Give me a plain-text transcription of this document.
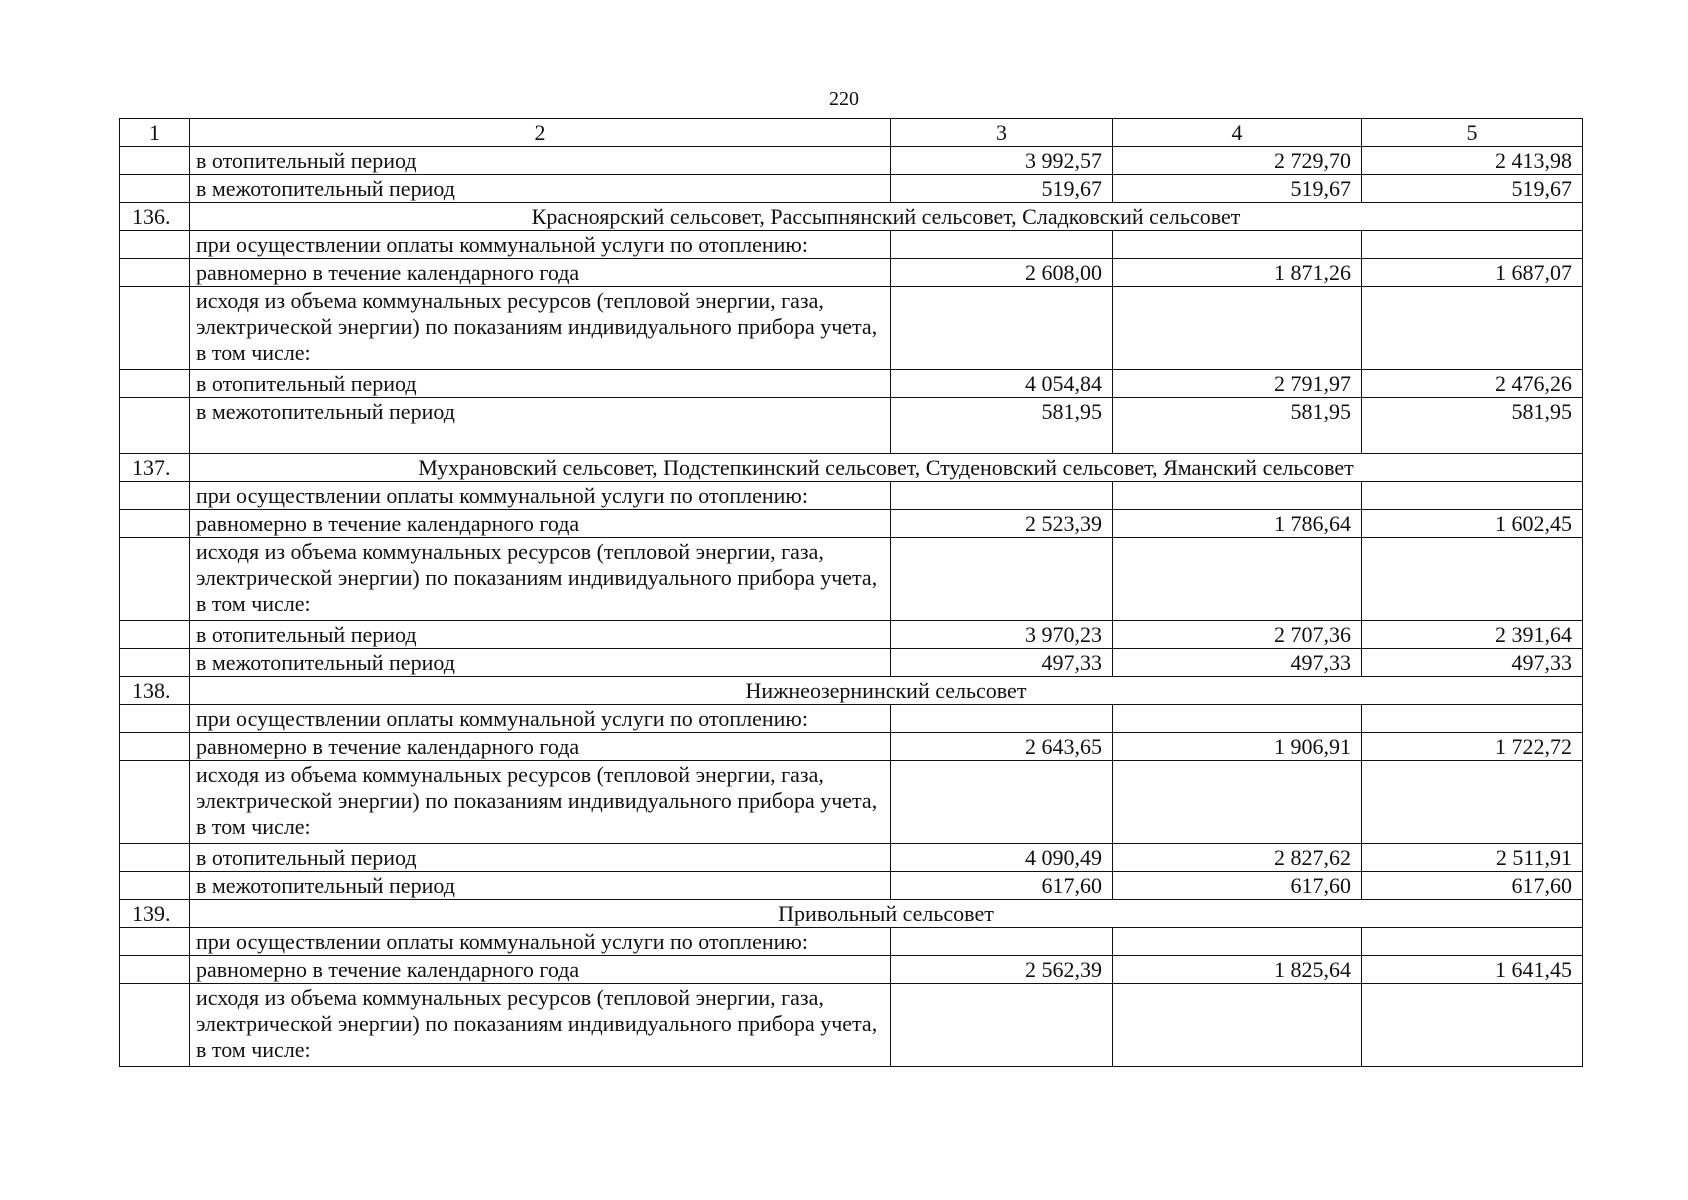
220
1	2	3	4	5
	в отопительный период	3 992,57	2 729,70	2 413,98
	в межотопительный период	519,67	519,67	519,67
136.	Красноярский сельсовет, Рассыпнянский сельсовет, Сладковский сельсовет			
	при осуществлении оплаты коммунальной услуги по отоплению:			
	равномерно в течение календарного года	2 608,00	1 871,26	1 687,07
	исходя из объема коммунальных ресурсов (тепловой энергии, газа, электрической энергии) по показаниям индивидуального прибора учета, в том числе:			
	в отопительный период	4 054,84	2 791,97	2 476,26
	в межотопительный период	581,95	581,95	581,95
137.	Мухрановский сельсовет, Подстепкинский сельсовет, Студеновский сельсовет, Яманский сельсовет			
	при осуществлении оплаты коммунальной услуги по отоплению:			
	равномерно в течение календарного года	2 523,39	1 786,64	1 602,45
	исходя из объема коммунальных ресурсов (тепловой энергии, газа, электрической энергии) по показаниям индивидуального прибора учета, в том числе:			
	в отопительный период	3 970,23	2 707,36	2 391,64
	в межотопительный период	497,33	497,33	497,33
138.	Нижнеозернинский сельсовет			
	при осуществлении оплаты коммунальной услуги по отоплению:			
	равномерно в течение календарного года	2 643,65	1 906,91	1 722,72
	исходя из объема коммунальных ресурсов (тепловой энергии, газа, электрической энергии) по показаниям индивидуального прибора учета, в том числе:			
	в отопительный период	4 090,49	2 827,62	2 511,91
	в межотопительный период	617,60	617,60	617,60
139.	Привольный сельсовет			
	при осуществлении оплаты коммунальной услуги по отоплению:			
	равномерно в течение календарного года	2 562,39	1 825,64	1 641,45
	исходя из объема коммунальных ресурсов (тепловой энергии, газа, электрической энергии) по показаниям индивидуального прибора учета, в том числе:			
